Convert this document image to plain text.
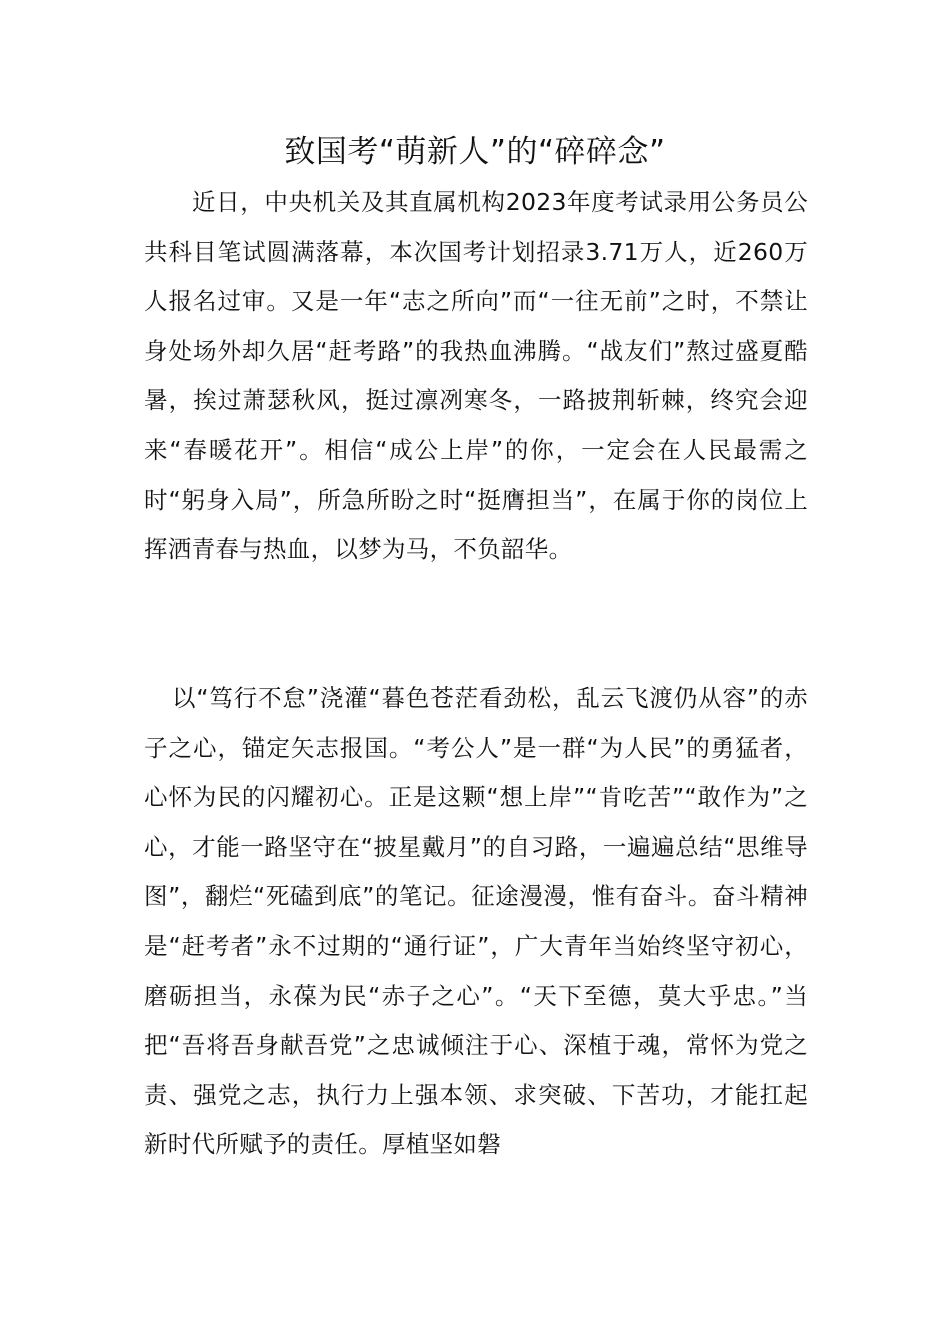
致国考“萌新人”的“碎碎念”

近日，中央机关及其直属机构2023年度考试录用公务员公共科目笔试圆满落幕，本次国考计划招录3.71万人，近260万人报名过审。又是一年“志之所向”而“一往无前”之时，不禁让身处场外却久居“赶考路”的我热血沸腾。“战友们”熬过盛夏酷暑，挨过萧瑟秋风，挺过凛冽寒冬，一路披荆斩棘，终究会迎来“春暖花开”。相信“成公上岸”的你，一定会在人民最需之时“躬身入局”，所急所盼之时“挺膺担当”，在属于你的岗位上挥洒青春与热血，以梦为马，不负韶华。

以“笃行不怠”浇灌“暮色苍茫看劲松，乱云飞渡仍从容”的赤子之心，锚定矢志报国。“考公人”是一群“为人民”的勇猛者，心怀为民的闪耀初心。正是这颗“想上岸”“肯吃苦”“敢作为”之心，才能一路坚守在“披星戴月”的自习路，一遍遍总结“思维导图”，翻烂“死磕到底”的笔记。征途漫漫，惟有奋斗。奋斗精神是“赶考者”永不过期的“通行证”，广大青年当始终坚守初心，磨砺担当，永葆为民“赤子之心”。“天下至德，莫大乎忠。”当把“吾将吾身献吾党”之忠诚倾注于心、深植于魂，常怀为党之责、强党之志，执行力上强本领、求突破、下苦功，才能扛起新时代所赋予的责任。厚植坚如磐
